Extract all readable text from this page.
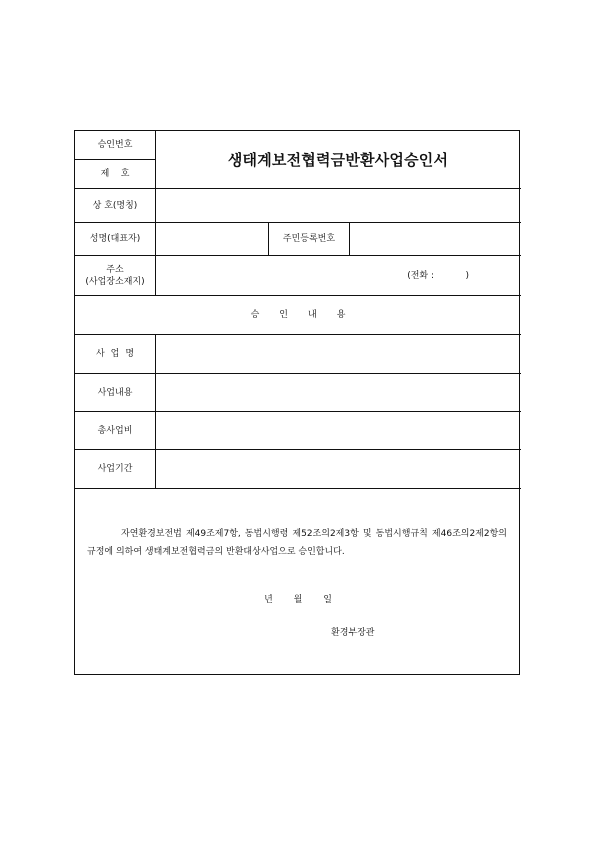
승인번호
제    호
생태계보전협력금반환사업승인서
상 호(명칭)
성명(대표자)	주민등록번호
주소
(사업장소재지)
(전화 :           )
승인내용
사업명
사업내용
총사업비
사업기간
자연환경보전법 제49조제7항, 동법시행령 제52조의2제3항 및 동법시행규칙 제46조의2제2항의 규정에 의하여 생태계보전협력금의 반환대상사업으로 승인합니다.
년 월 일
환경부장관
